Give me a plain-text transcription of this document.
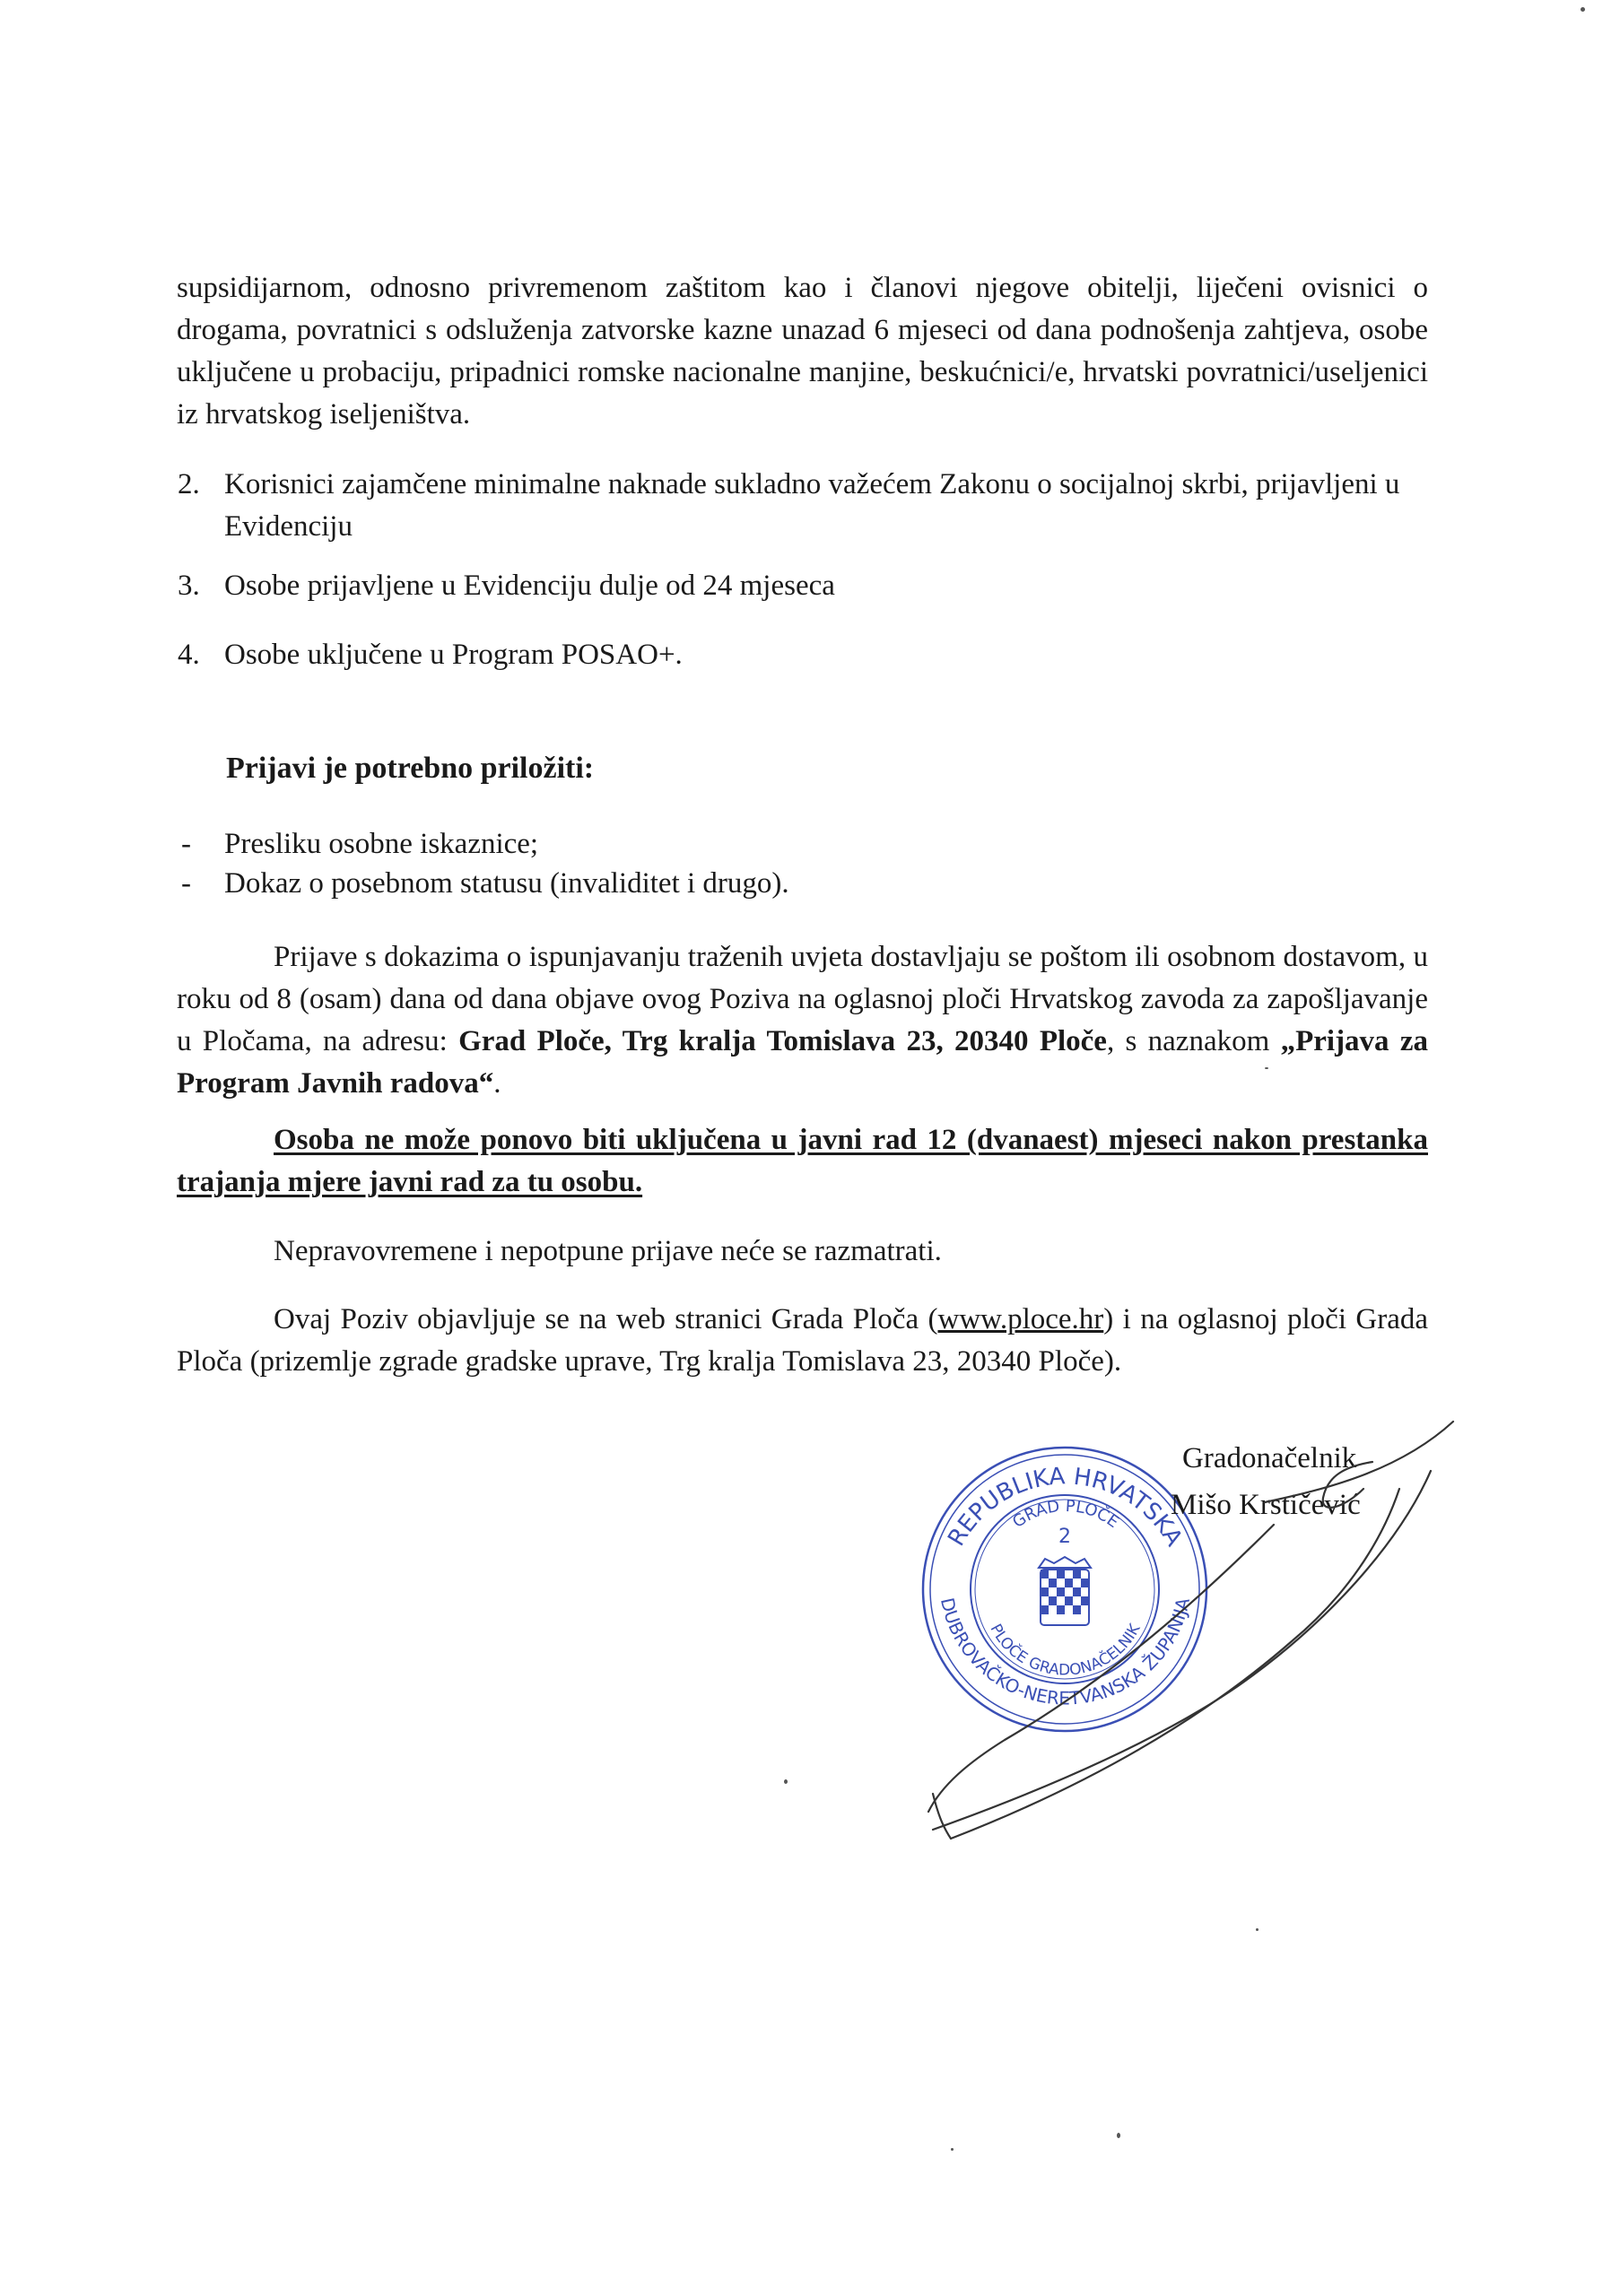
supsidijarnom, odnosno privremenom zaštitom kao i članovi njegove obitelji, liječeni ovisnici o drogama, povratnici s odsluženja zatvorske kazne unazad 6 mjeseci od dana podnošenja zahtjeva, osobe uključene u probaciju, pripadnici romske nacionalne manjine, beskućnici/e, hrvatski povratnici/useljenici iz hrvatskog iseljeništva.

2. Korisnici zajamčene minimalne naknade sukladno važećem Zakonu o socijalnoj skrbi, prijavljeni u Evidenciju
3. Osobe prijavljene u Evidenciju dulje od 24 mjeseca
4. Osobe uključene u Program POSAO+.

Prijavi je potrebno priložiti:

- Presliku osobne iskaznice;
- Dokaz o posebnom statusu (invaliditet i drugo).

Prijave s dokazima o ispunjavanju traženih uvjeta dostavljaju se poštom ili osobnom dostavom, u roku od 8 (osam) dana od dana objave ovog Poziva na oglasnoj ploči Hrvatskog zavoda za zapošljavanje u Pločama, na adresu: Grad Ploče, Trg kralja Tomislava 23, 20340 Ploče, s naznakom „Prijava za Program Javnih radova“.

Osoba ne može ponovo biti uključena u javni rad 12 (dvanaest) mjeseci nakon prestanka trajanja mjere javni rad za tu osobu.

Nepravovremene i nepotpune prijave neće se razmatrati.

Ovaj Poziv objavljuje se na web stranici Grada Ploča (www.ploce.hr) i na oglasnoj ploči Grada Ploča (prizemlje zgrade gradske uprave, Trg kralja Tomislava 23, 20340 Ploče).

REPUBLIKA HRVATSKA
DUBROVAČKO-NERETVANSKA ŽUPANIJA
GRAD PLOČE
PLOČE GRADONAČELNIK
2

Gradonačelnik

Mišo Krstičević
